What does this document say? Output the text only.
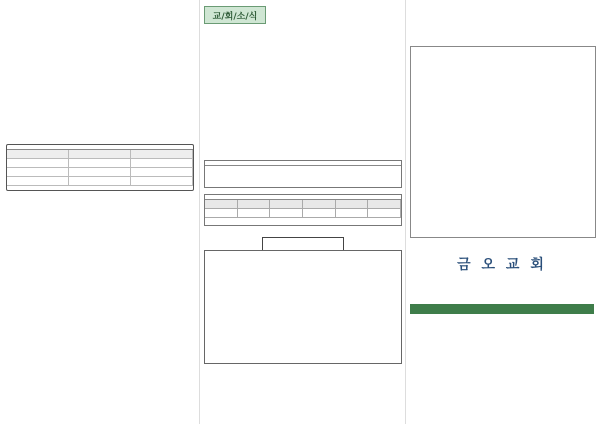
교/회/소/식
금 오 교 회
